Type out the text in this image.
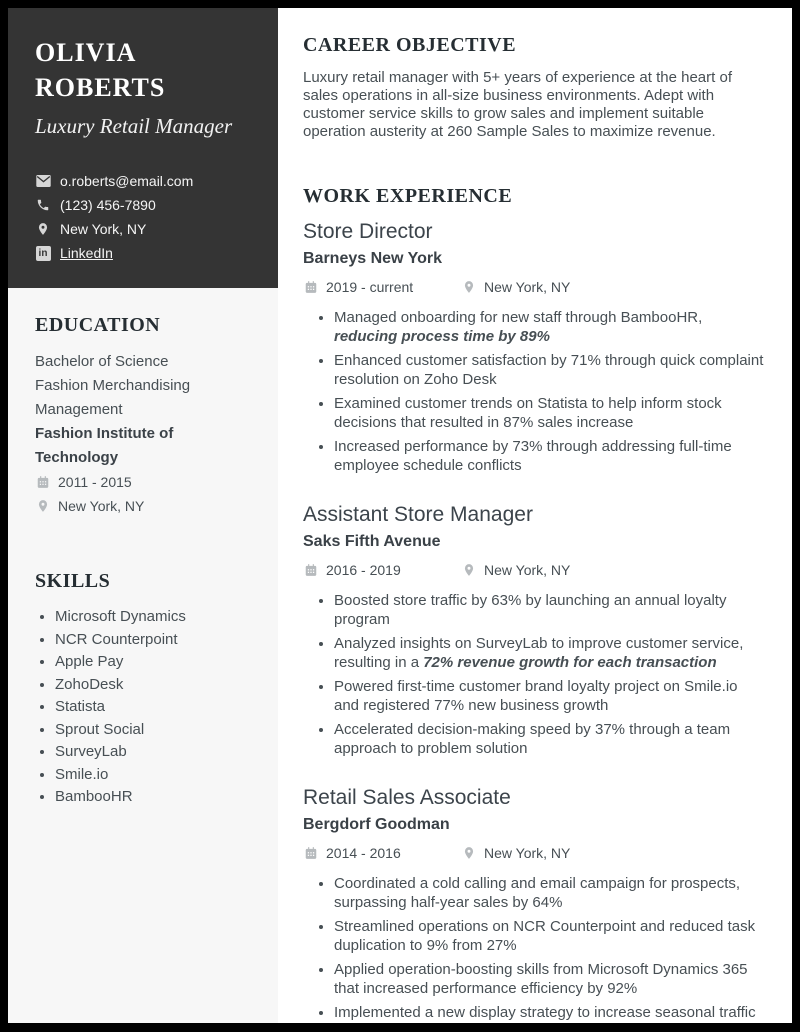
OLIVIA
ROBERTS
Luxury Retail Manager
o.roberts@email.com
(123) 456-7890
New York, NY
in LinkedIn
EDUCATION
Bachelor of Science
Fashion Merchandising Management
Fashion Institute of Technology
2011 - 2015
New York, NY
SKILLS
• Microsoft Dynamics
• NCR Counterpoint
• Apple Pay
• ZohoDesk
• Statista
• Sprout Social
• SurveyLab
• Smile.io
• BambooHR
CAREER OBJECTIVE

Luxury retail manager with 5+ years of experience at the heart of sales operations in all-size business environments. Adept with customer service skills to grow sales and implement suitable operation austerity at 260 Sample Sales to maximize revenue.

WORK EXPERIENCE
Store Director
Barneys New York
2019 - current	New York, NY
• Managed onboarding for new staff through BambooHR, reducing process time by 89%
• Enhanced customer satisfaction by 71% through quick complaint resolution on Zoho Desk
• Examined customer trends on Statista to help inform stock decisions that resulted in 87% sales increase
• Increased performance by 73% through addressing full-time employee schedule conflicts
Assistant Store Manager
Saks Fifth Avenue
2016 - 2019	New York, NY
• Boosted store traffic by 63% by launching an annual loyalty program
• Analyzed insights on SurveyLab to improve customer service, resulting in a 72% revenue growth for each transaction
• Powered first-time customer brand loyalty project on Smile.io and registered 77% new business growth
• Accelerated decision-making speed by 37% through a team approach to problem solution
Retail Sales Associate
Bergdorf Goodman
2014 - 2016	New York, NY
• Coordinated a cold calling and email campaign for prospects, surpassing half-year sales by 64%
• Streamlined operations on NCR Counterpoint and reduced task duplication to 9% from 27%
• Applied operation-boosting skills from Microsoft Dynamics 365 that increased performance efficiency by 92%
• Implemented a new display strategy to increase seasonal traffic
